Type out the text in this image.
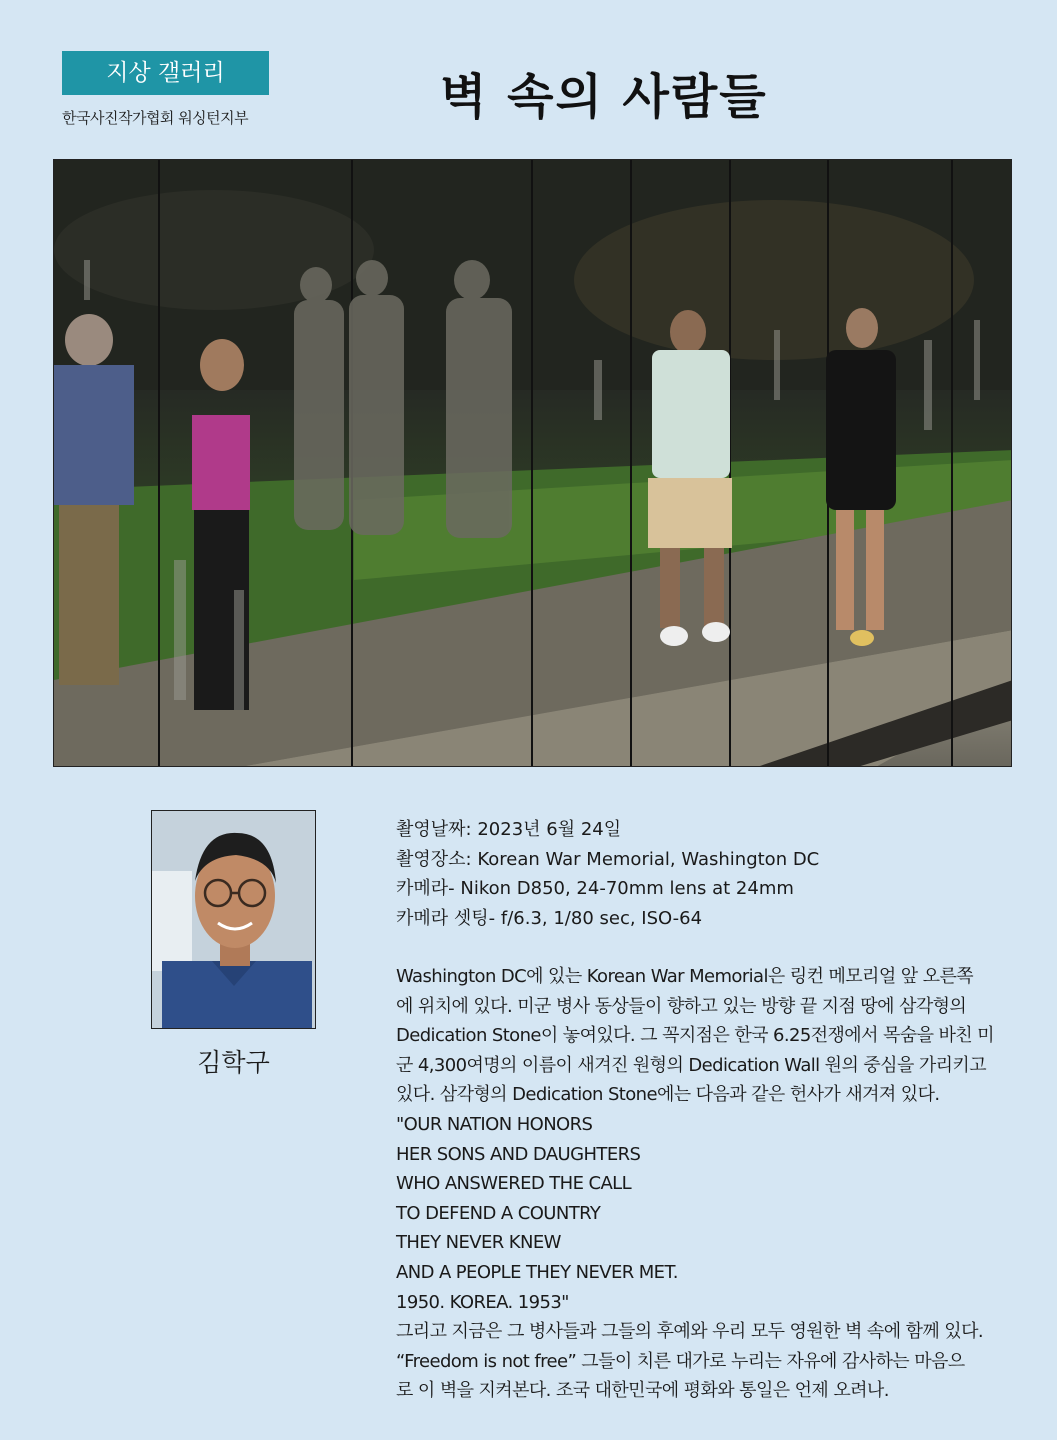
지상 갤러리
한국사진작가협회 워싱턴지부	벽 속의 사람들
김학구
촬영날짜: 2023년 6월 24일
촬영장소: Korean War Memorial, Washington DC
카메라- Nikon D850, 24-70mm lens at 24mm
카메라 셋팅- f/6.3, 1/80 sec, ISO-64
Washington DC에 있는 Korean War Memorial은 링컨 메모리얼 앞 오른쪽
에 위치에 있다. 미군 병사 동상들이 향하고 있는 방향 끝 지점 땅에 삼각형의
Dedication Stone이 놓여있다. 그 꼭지점은 한국 6.25전쟁에서 목숨을 바친 미
군 4,300여명의 이름이 새겨진 원형의 Dedication Wall 원의 중심을 가리키고
있다. 삼각형의 Dedication Stone에는 다음과 같은 헌사가 새겨져 있다.
"OUR NATION HONORS
HER SONS AND DAUGHTERS
WHO ANSWERED THE CALL
TO DEFEND A COUNTRY
THEY NEVER KNEW
AND A PEOPLE THEY NEVER MET.
1950. KOREA. 1953"
그리고 지금은 그 병사들과 그들의 후예와 우리 모두 영원한 벽 속에 함께 있다.
“Freedom is not free” 그들이 치른 대가로 누리는 자유에 감사하는 마음으
로 이 벽을 지켜본다. 조국 대한민국에 평화와 통일은 언제 오려나.
